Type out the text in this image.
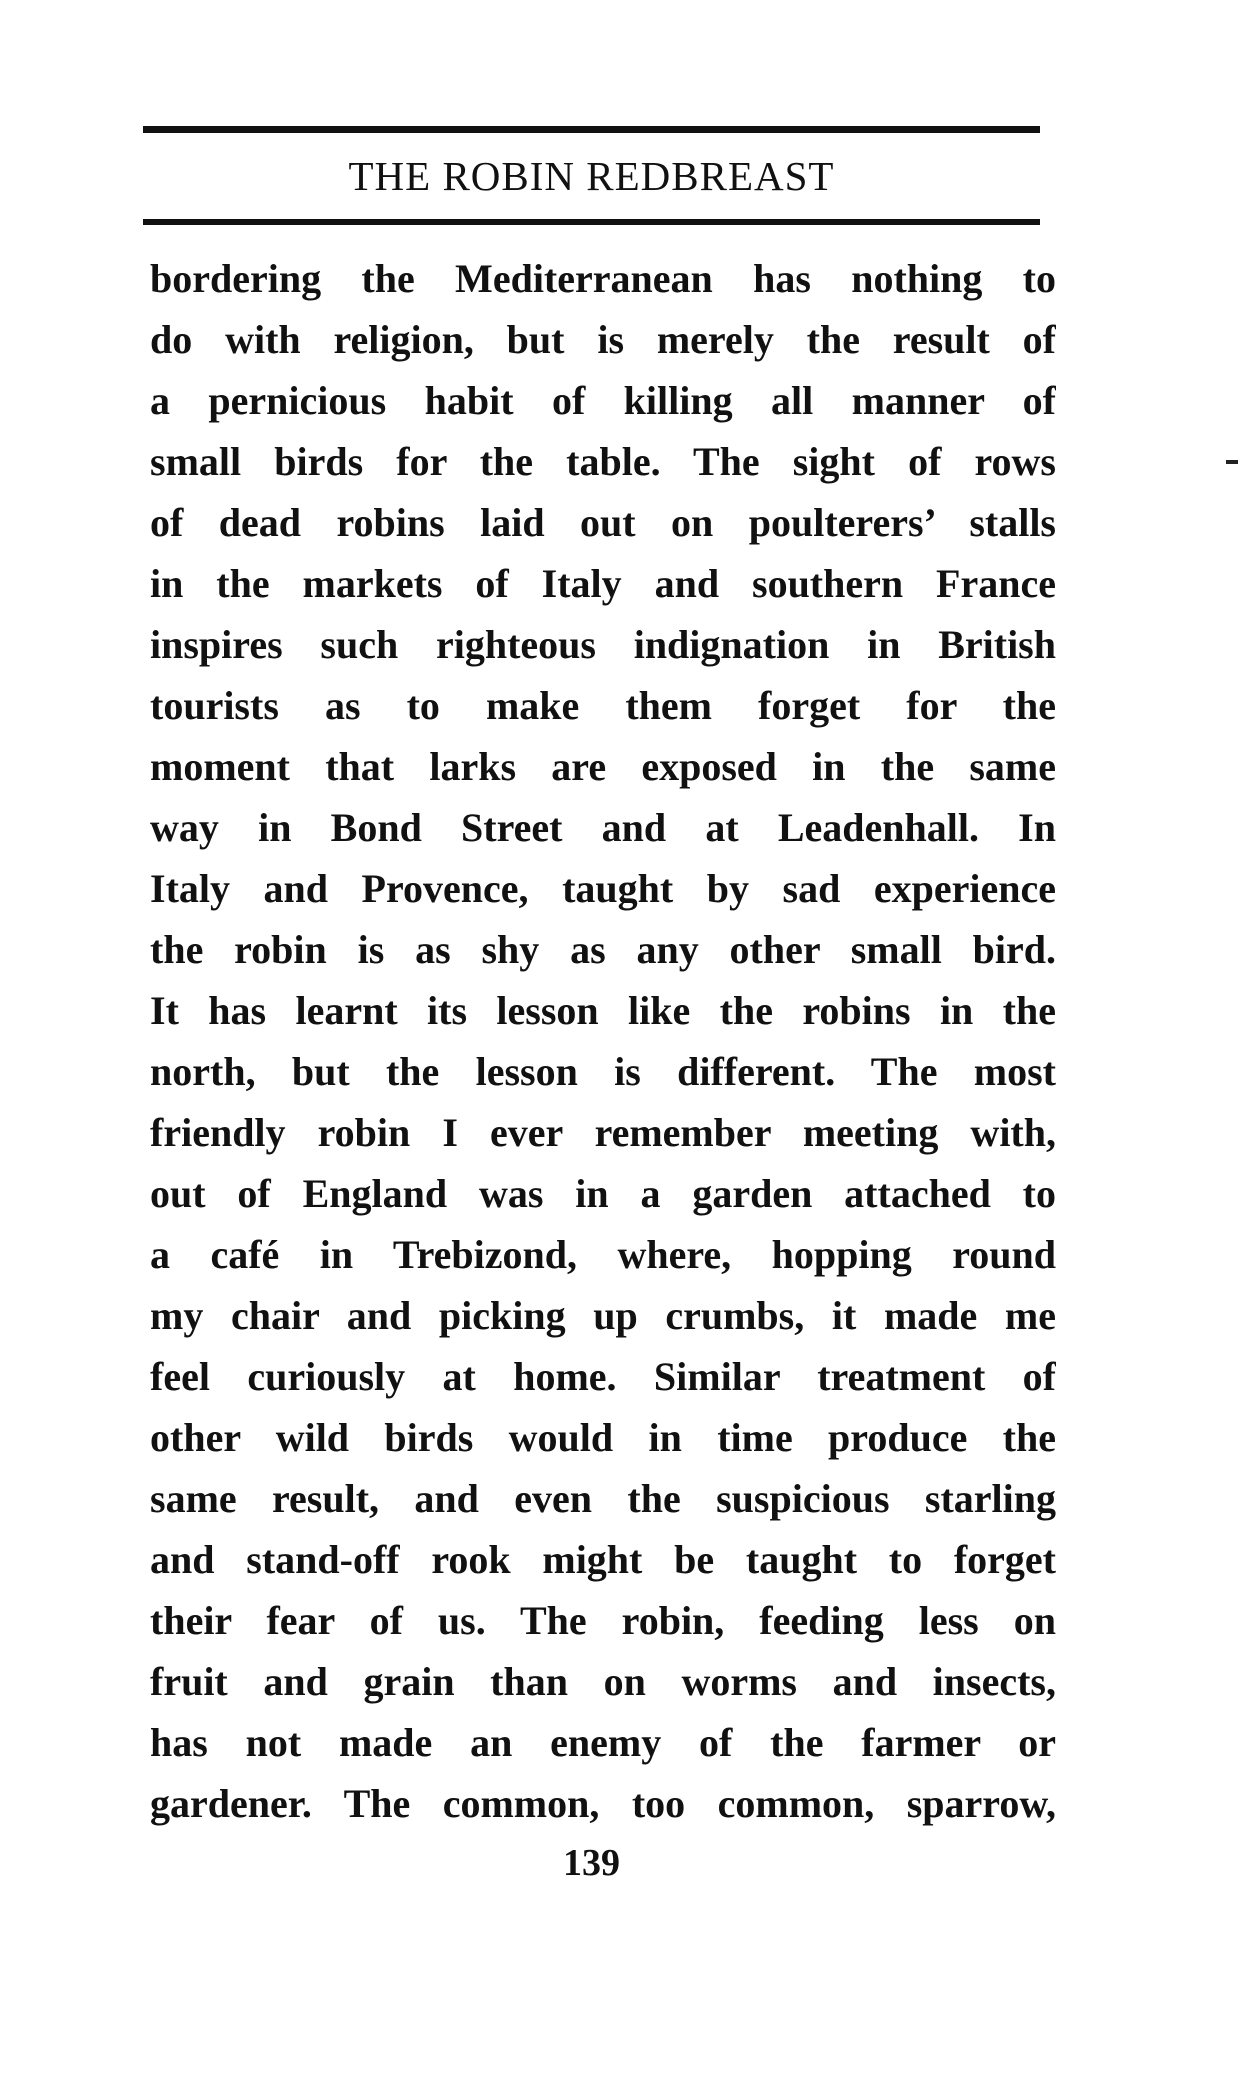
THE ROBIN REDBREAST
bordering the Mediterranean has nothing to
do with religion, but is merely the result of
a pernicious habit of killing all manner of
small birds for the table. The sight of rows
of dead robins laid out on poulterers’ stalls
in the markets of Italy and southern France
inspires such righteous indignation in British
tourists as to make them forget for the
moment that larks are exposed in the same
way in Bond Street and at Leadenhall. In
Italy and Provence, taught by sad experience
the robin is as shy as any other small bird.
It has learnt its lesson like the robins in the
north, but the lesson is different. The most
friendly robin I ever remember meeting with,
out of England was in a garden attached to
a café in Trebizond, where, hopping round
my chair and picking up crumbs, it made me
feel curiously at home. Similar treatment of
other wild birds would in time produce the
same result, and even the suspicious starling
and stand-off rook might be taught to forget
their fear of us. The robin, feeding less on
fruit and grain than on worms and insects,
has not made an enemy of the farmer or
gardener. The common, too common, sparrow,
139
